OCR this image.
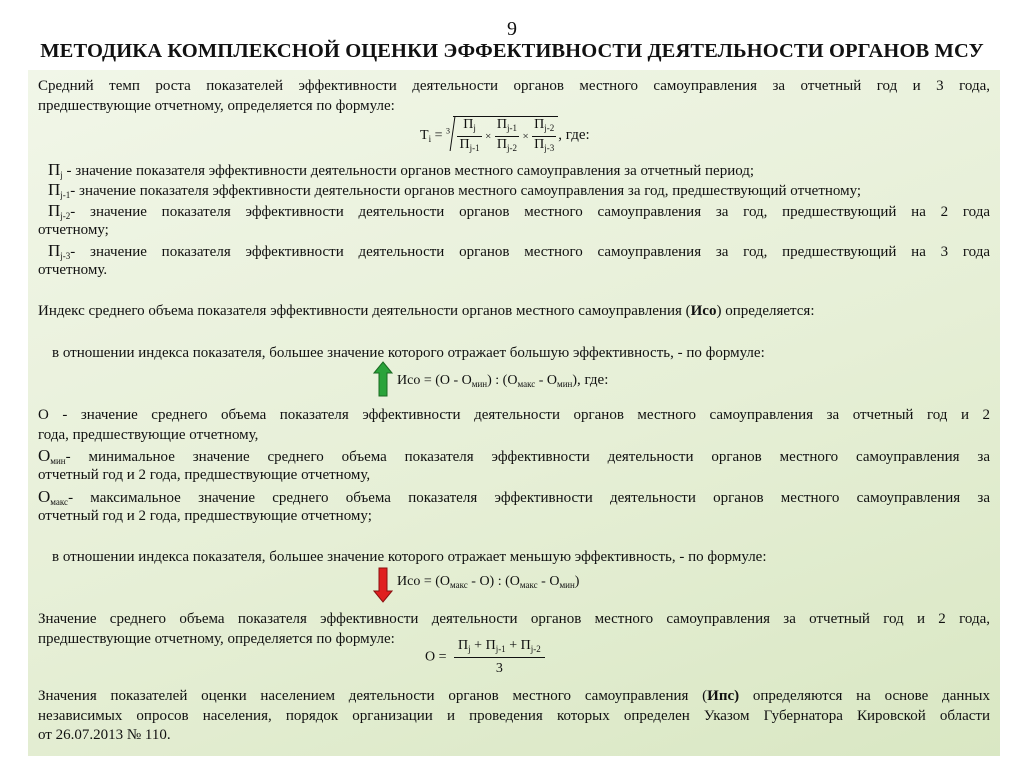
9
МЕТОДИКА КОМПЛЕКСНОЙ ОЦЕНКИ ЭФФЕКТИВНОСТИ ДЕЯТЕЛЬНОСТИ ОРГАНОВ МСУ
Средний темп роста показателей эффективности деятельности органов местного самоуправления за отчетный год и 3 года,
предшествующие отчетному, определяется по формуле:
$Т_i = ^3 \frac{П_j}{П_{j-1}} \times \frac{П_{j-1}}{П_{j-2}} \times \frac{П_{j-2}}{П_{j-3}}$ , где:
$П_j$ - значение показателя эффективности деятельности органов местного самоуправления за отчетный период;
$П_{j-1}-$ значение показателя эффективности деятельности органов местного самоуправления за год, предшествующий отчетному;
$П_{j-2}-$ значение показателя эффективности деятельности органов местного самоуправления за год, предшествующий на 2 года
отчетному;
$П_{j-3}-$ значение показателя эффективности деятельности органов местного самоуправления за год, предшествующий на 3 года
отчетному.
Индекс среднего объема показателя эффективности деятельности органов местного самоуправления (Исо) определяется:
в отношении индекса показателя, большее значение которого отражает большую эффективность, - по формуле:
Исо = $(О - О_{мин})$ : $(О_{макс} - О_{мин})$, где:
О - значение среднего объема показателя эффективности деятельности органов местного самоуправления за отчетный год и 2
года, предшествующие отчетному,
$О_{мин}-$ минимальное значение среднего объема показателя эффективности деятельности органов местного самоуправления за
отчетный год и 2 года, предшествующие отчетному,
$О_{макс}-$ максимальное значение среднего объема показателя эффективности деятельности органов местного самоуправления за
отчетный год и 2 года, предшествующие отчетному;
в отношении индекса показателя, большее значение которого отражает меньшую эффективность, - по формуле:
Исо = $(О_{макс} - О)$ : $(О_{макс} - О_{мин})$
Значение среднего объема показателя эффективности деятельности органов местного самоуправления за отчетный год и 2 года,
предшествующие отчетному, определяется по формуле:
$О = \frac{П_j + П_{j-1} + П_{j-2}}{3}$
Значения показателей оценки населением деятельности органов местного самоуправления (Ипс) определяются на основе данных
независимых опросов населения, порядок организации и проведения которых определен Указом Губернатора Кировской области
от 26.07.2013 № 110.
